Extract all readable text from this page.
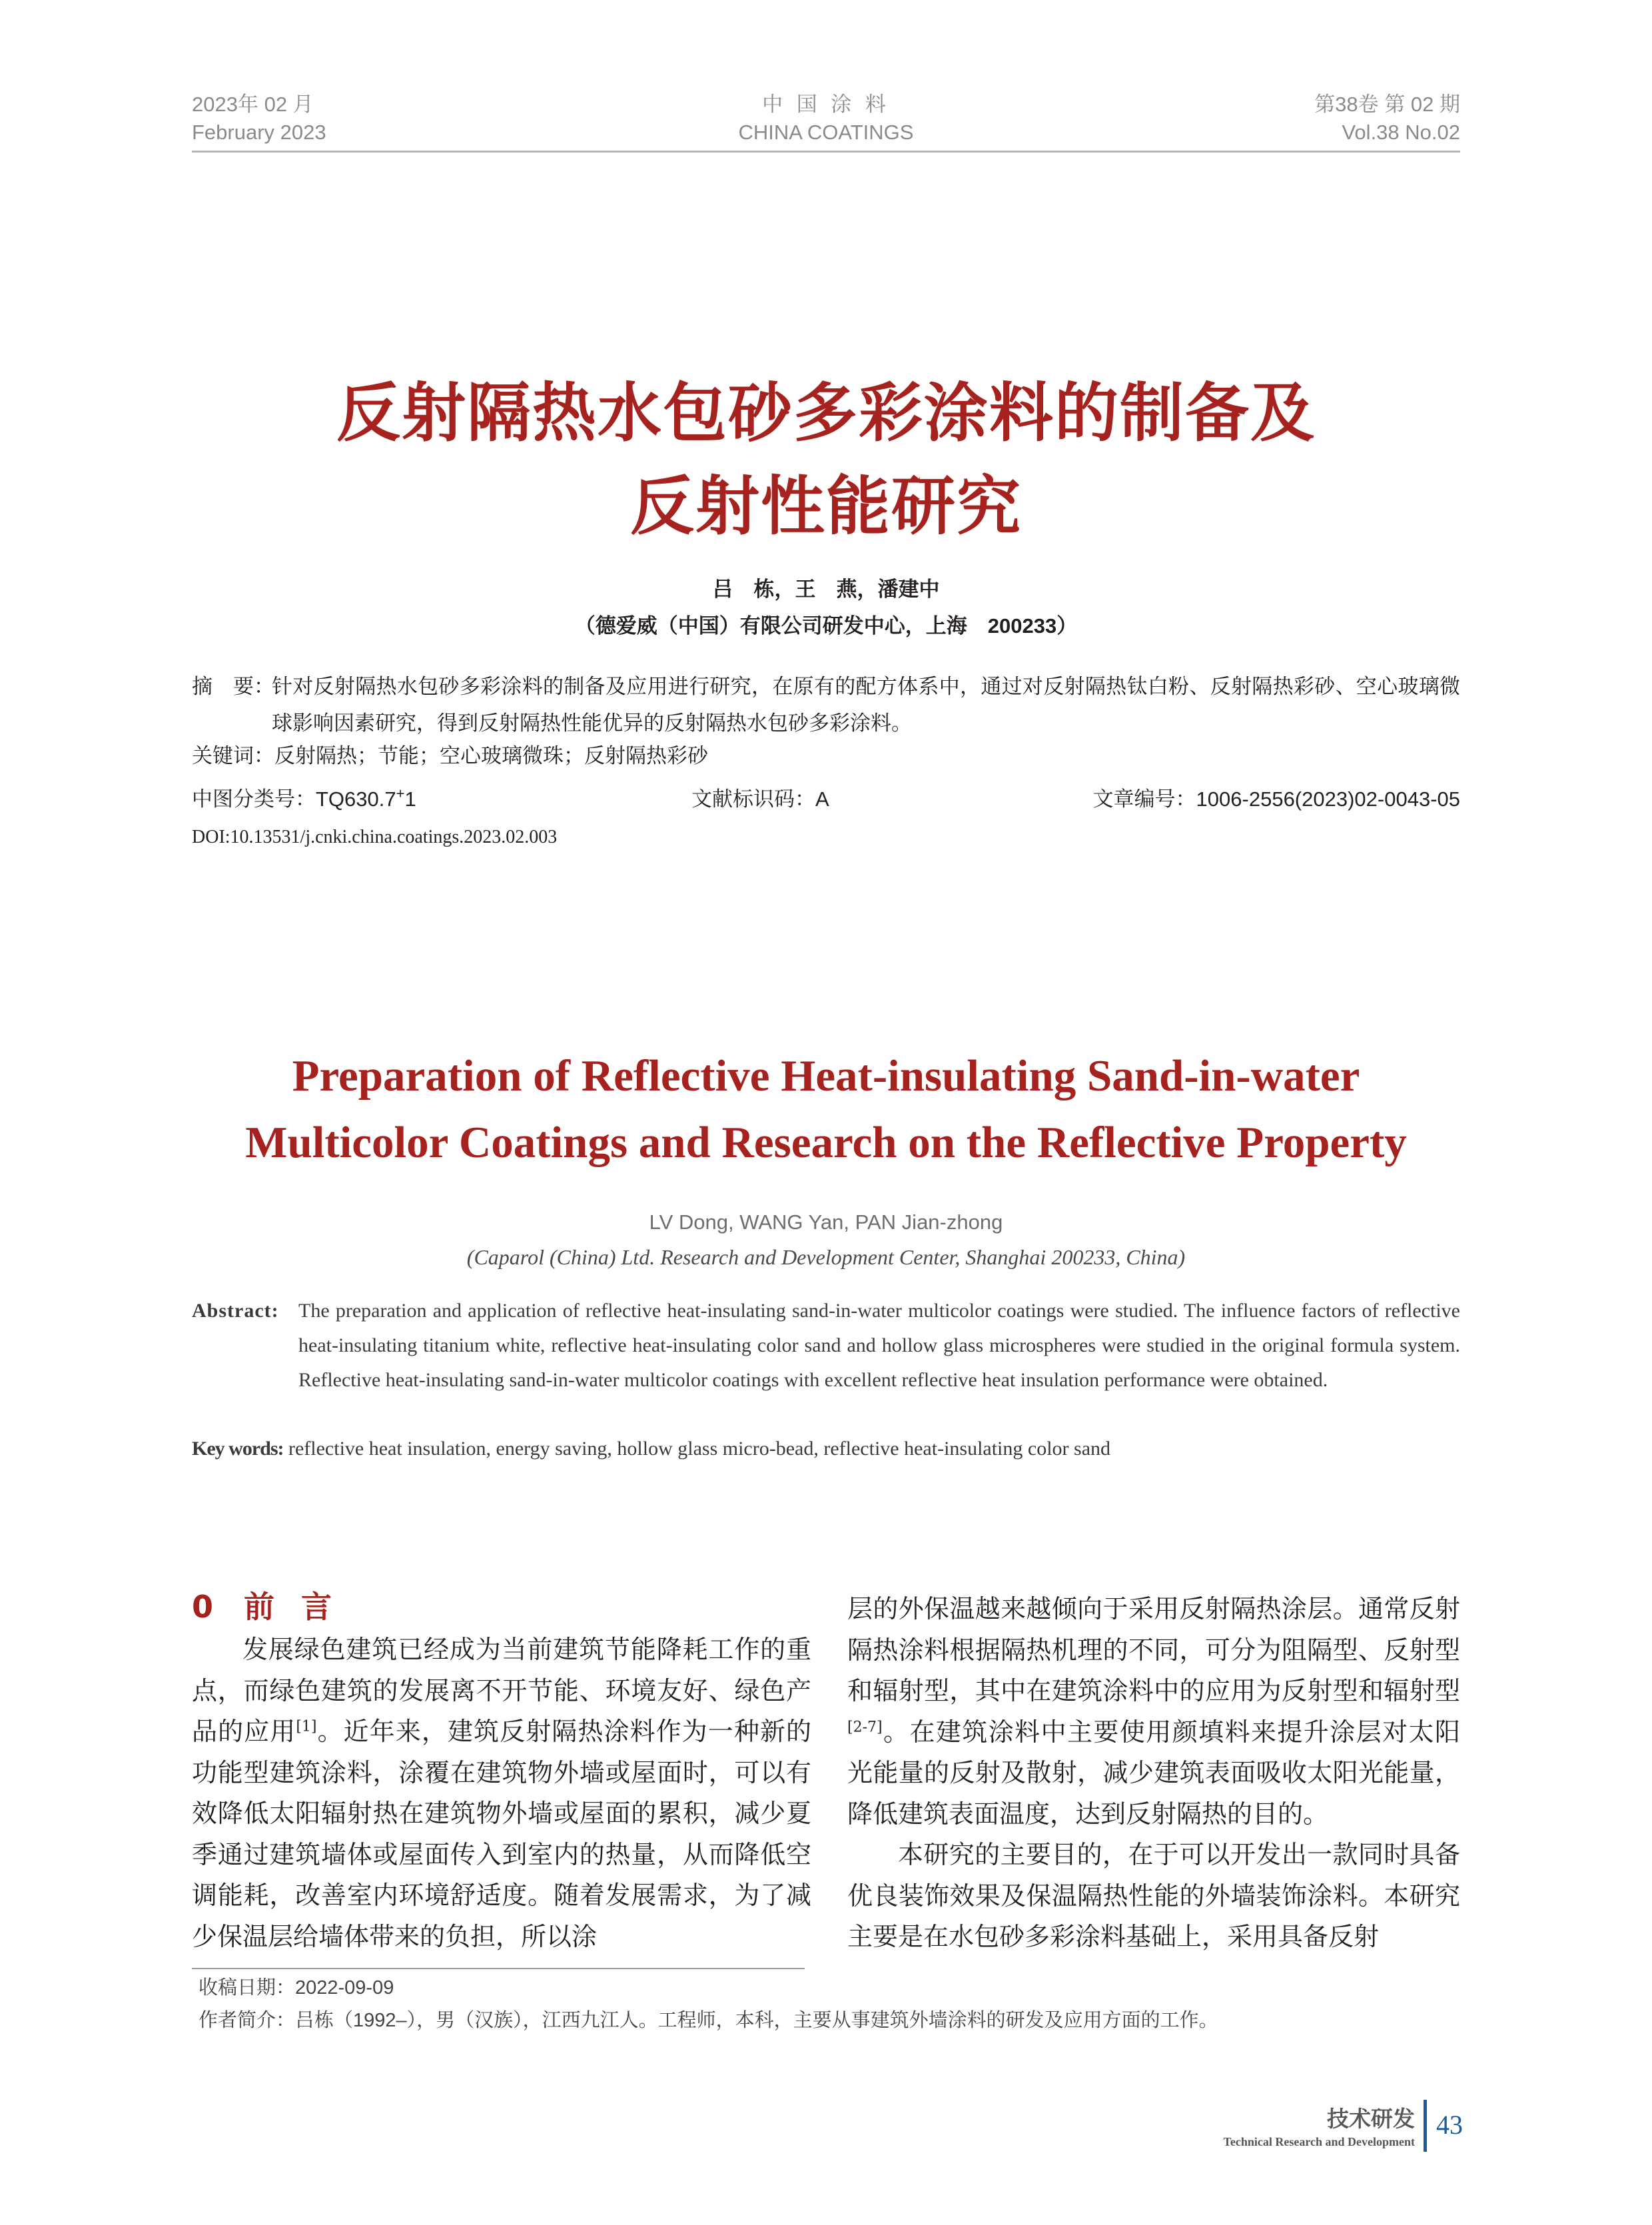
2023年 02 月
February 2023
中 国 涂 料
CHINA COATINGS
第38卷 第 02 期
Vol.38 No.02
反射隔热水包砂多彩涂料的制备及
反射性能研究
吕　栋，王　燕，潘建中
（德爱威（中国）有限公司研发中心，上海　200233）
摘　要：
针对反射隔热水包砂多彩涂料的制备及应用进行研究，在原有的配方体系中，通过对反射隔热钛白粉、反射隔热彩砂、空心玻璃微球影响因素研究，得到反射隔热性能优异的反射隔热水包砂多彩涂料。
关键词：反射隔热；节能；空心玻璃微珠；反射隔热彩砂
中图分类号：TQ630.7+1	文献标识码：A	文章编号：1006-2556(2023)02-0043-05
DOI:10.13531/j.cnki.china.coatings.2023.02.003
Preparation of Reflective Heat-insulating Sand-in-water
Multicolor Coatings and Research on the Reflective Property
LV Dong, WANG Yan, PAN Jian-zhong
(Caparol (China) Ltd. Research and Development Center, Shanghai 200233, China)
Abstract: The preparation and application of reflective heat-insulating sand-in-water multicolor coatings were studied. The influence factors of reflective heat-insulating titanium white, reflective heat-insulating color sand and hollow glass microspheres were studied in the original formula system. Reflective heat-insulating sand-in-water multicolor coatings with excellent reflective heat insulation performance were obtained.
Key words: reflective heat insulation, energy saving, hollow glass micro-bead, reflective heat-insulating color sand
0 前言

发展绿色建筑已经成为当前建筑节能降耗工作的重点，而绿色建筑的发展离不开节能、环境友好、绿色产品的应用[1]。近年来，建筑反射隔热涂料作为一种新的功能型建筑涂料，涂覆在建筑物外墙或屋面时，可以有效降低太阳辐射热在建筑物外墙或屋面的累积，减少夏季通过建筑墙体或屋面传入到室内的热量，从而降低空调能耗，改善室内环境舒适度。随着发展需求，为了减少保温层给墙体带来的负担，所以涂

层的外保温越来越倾向于采用反射隔热涂层。通常反射隔热涂料根据隔热机理的不同，可分为阻隔型、反射型和辐射型，其中在建筑涂料中的应用为反射型和辐射型[2-7]。在建筑涂料中主要使用颜填料来提升涂层对太阳光能量的反射及散射，减少建筑表面吸收太阳光能量，降低建筑表面温度，达到反射隔热的目的。

本研究的主要目的，在于可以开发出一款同时具备优良装饰效果及保温隔热性能的外墙装饰涂料。本研究主要是在水包砂多彩涂料基础上，采用具备反射

收稿日期：2022-09-09
作者简介：吕栋（1992–），男（汉族），江西九江人。工程师，本科，主要从事建筑外墙涂料的研发及应用方面的工作。
技术研发
Technical Research and Development
43
